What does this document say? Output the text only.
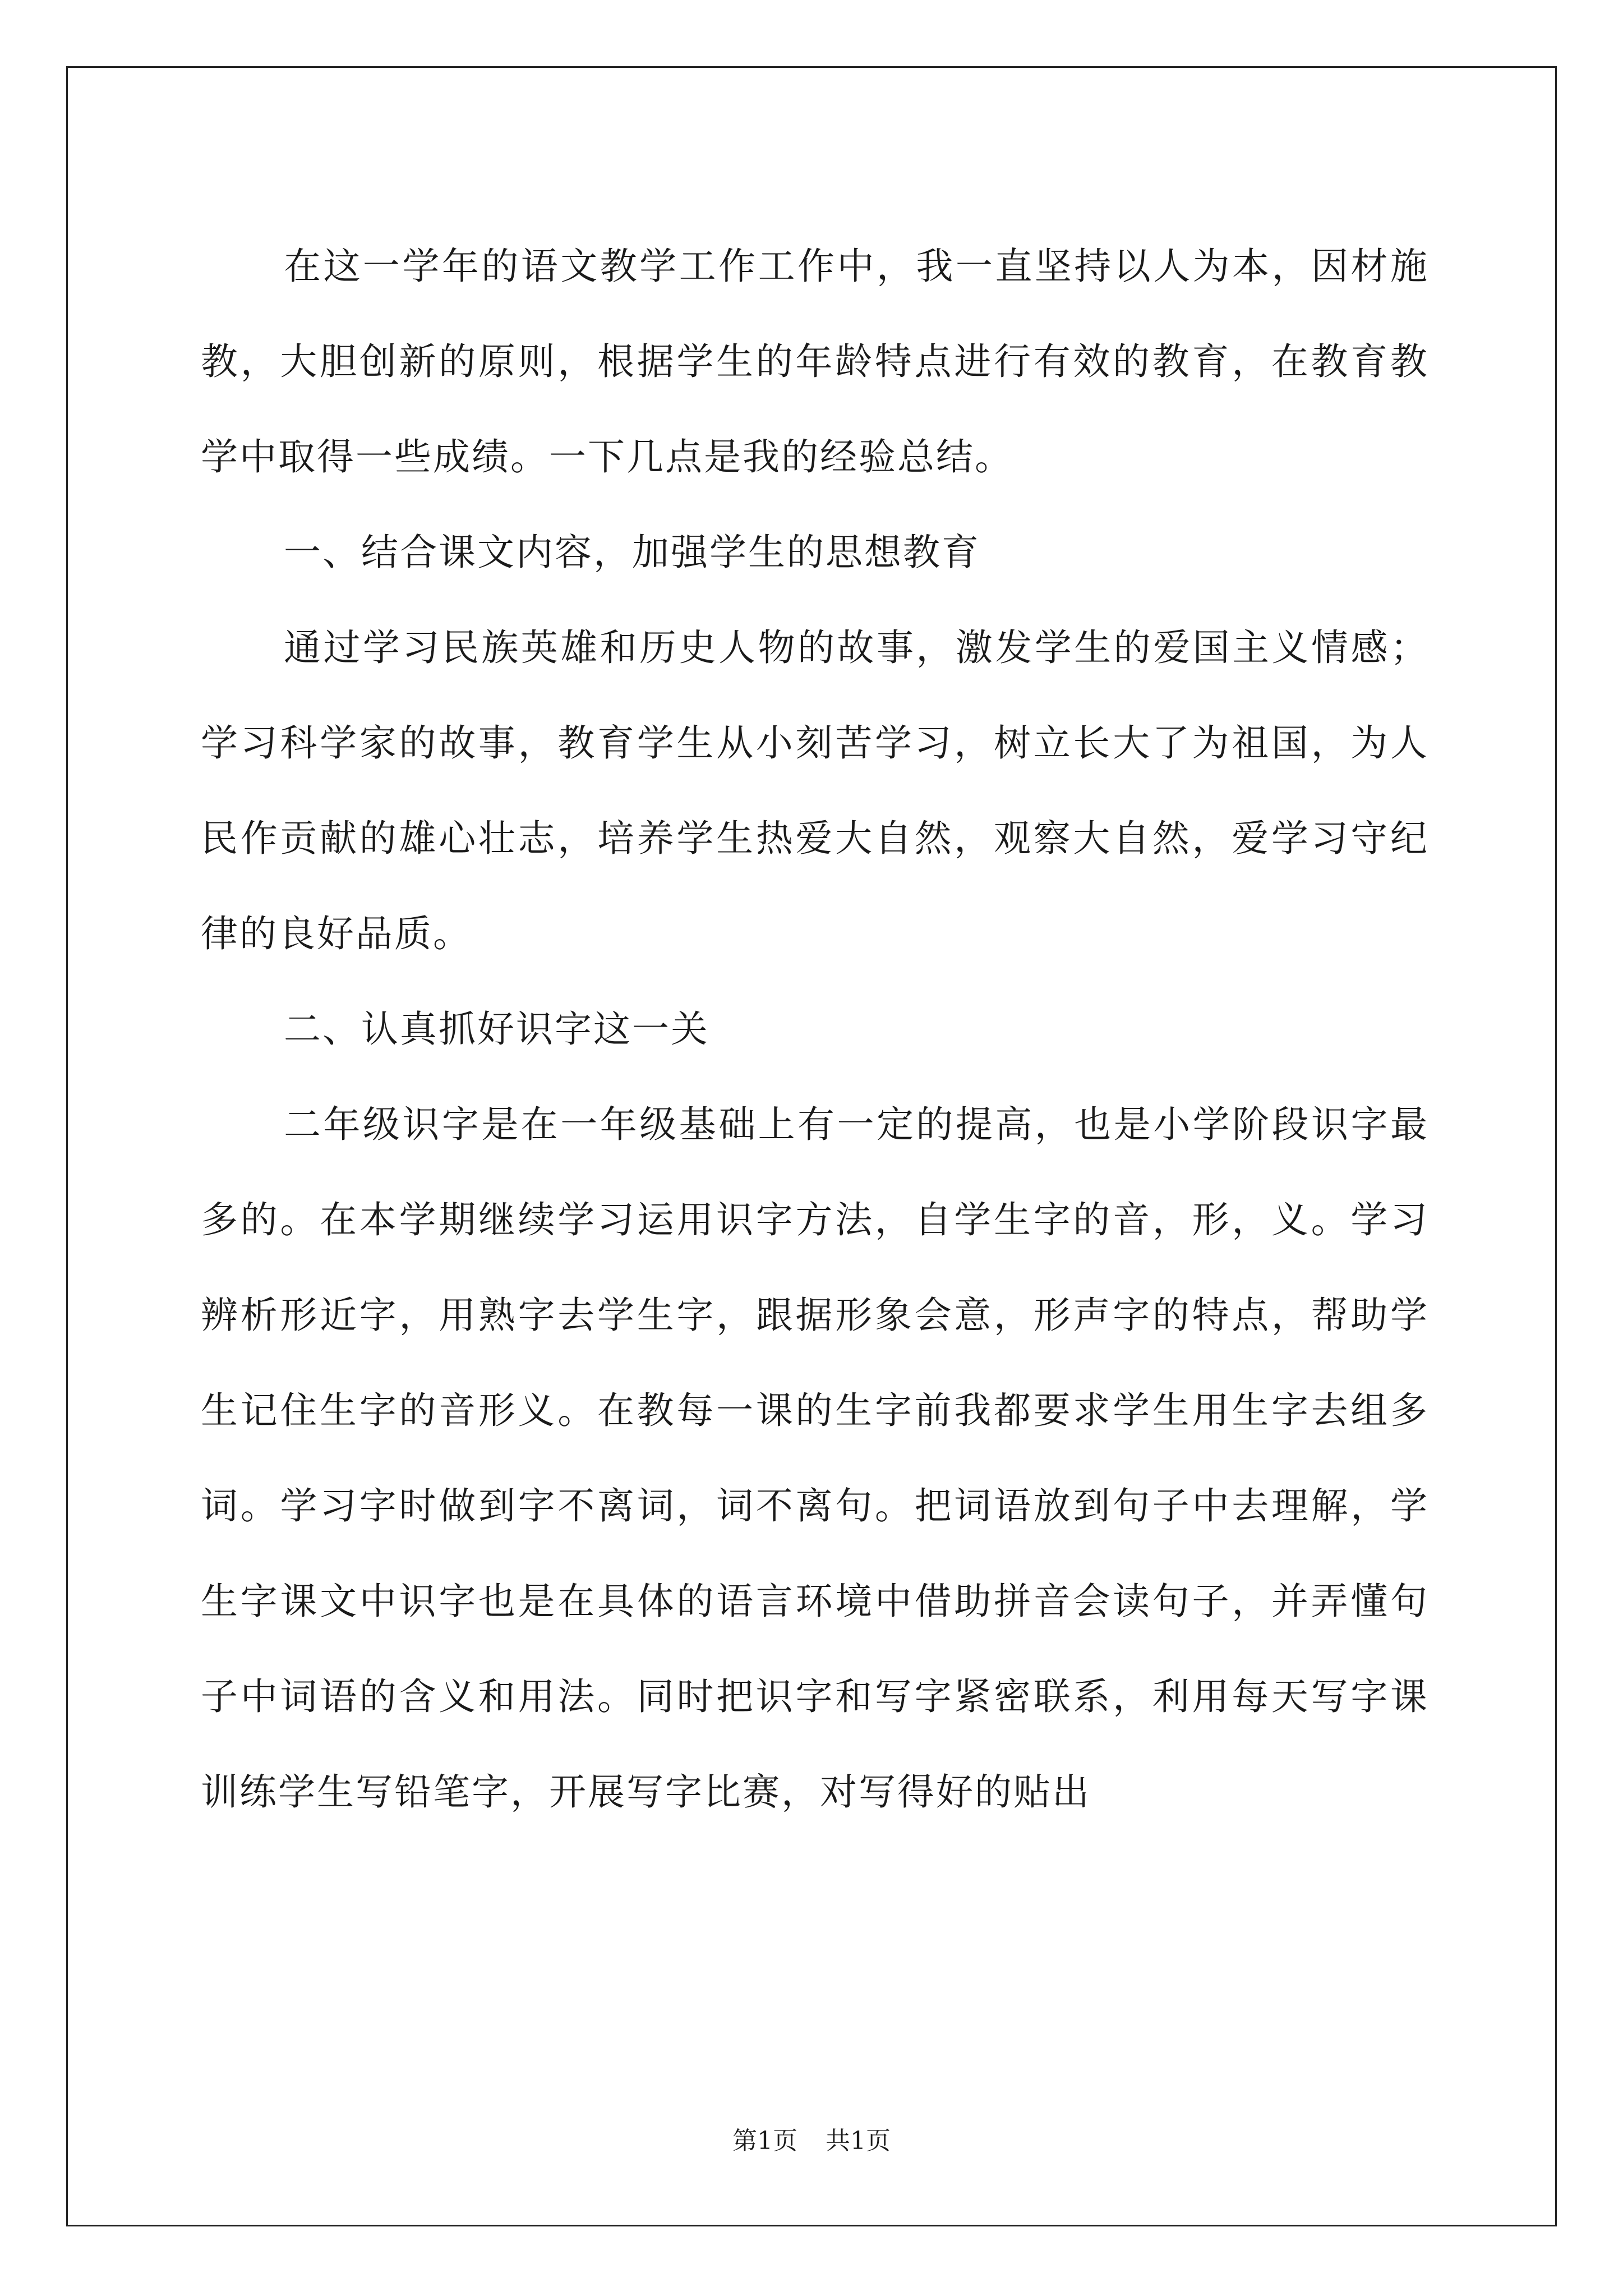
在这一学年的语文教学工作工作中，我一直坚持以人为本，因材施教，大胆创新的原则，根据学生的年龄特点进行有效的教育，在教育教学中取得一些成绩。一下几点是我的经验总结。

一、结合课文内容，加强学生的思想教育

通过学习民族英雄和历史人物的故事，激发学生的爱国主义情感；学习科学家的故事，教育学生从小刻苦学习，树立长大了为祖国，为人民作贡献的雄心壮志，培养学生热爱大自然，观察大自然，爱学习守纪律的良好品质。

二、认真抓好识字这一关

二年级识字是在一年级基础上有一定的提高，也是小学阶段识字最多的。在本学期继续学习运用识字方法，自学生字的音，形，义。学习辨析形近字，用熟字去学生字，跟据形象会意，形声字的特点，帮助学生记住生字的音形义。在教每一课的生字前我都要求学生用生字去组多词。学习字时做到字不离词，词不离句。把词语放到句子中去理解，学生字课文中识字也是在具体的语言环境中借助拼音会读句子，并弄懂句子中词语的含义和用法。同时把识字和写字紧密联系，利用每天写字课训练学生写铅笔字，开展写字比赛，对写得好的贴出

第1页 共1页
